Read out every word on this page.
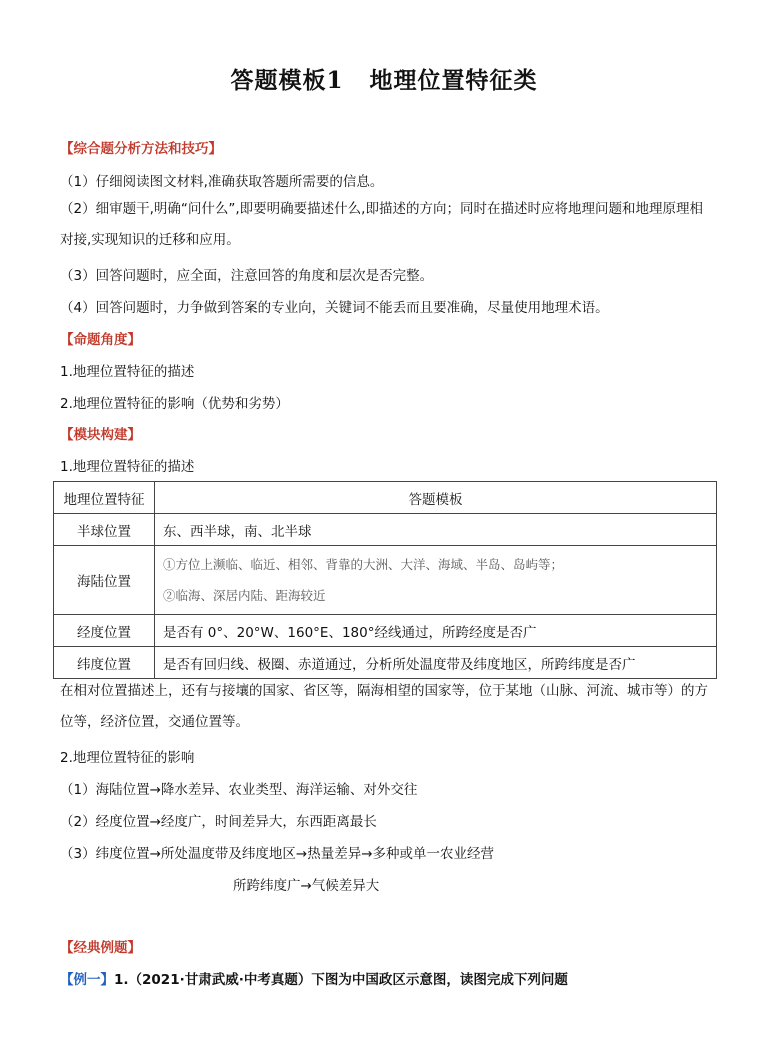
答题模板1 地理位置特征类
【综合题分析方法和技巧】
（1）仔细阅读图文材料,准确获取答题所需要的信息。
（2）细审题干,明确“问什么”,即要明确要描述什么,即描述的方向；同时在描述时应将地理问题和地理原理相对接,实现知识的迁移和应用。
（3）回答问题时，应全面，注意回答的角度和层次是否完整。
（4）回答问题时，力争做到答案的专业向，关键词不能丢而且要准确，尽量使用地理术语。
【命题角度】
1.地理位置特征的描述
2.地理位置特征的影响（优势和劣势）
【模块构建】
1.地理位置特征的描述
地理位置特征	答题模板
半球位置	东、西半球，南、北半球
海陆位置	①方位上濒临、临近、相邻、背靠的大洲、大洋、海域、半岛、岛屿等；
②临海、深居内陆、距海较近

经度位置	是否有 0°、20°W、160°E、180°经线通过，所跨经度是否广
纬度位置	是否有回归线、极圈、赤道通过，分析所处温度带及纬度地区，所跨纬度是否广
在相对位置描述上，还有与接壤的国家、省区等，隔海相望的国家等，位于某地（山脉、河流、城市等）的方位等，经济位置，交通位置等。
2.地理位置特征的影响
（1）海陆位置→降水差异、农业类型、海洋运输、对外交往
（2）经度位置→经度广，时间差异大，东西距离最长
（3）纬度位置→所处温度带及纬度地区→热量差异→多种或单一农业经营
所跨纬度广→气候差异大
【经典例题】
【例一】1.（2021·甘肃武威·中考真题）下图为中国政区示意图，读图完成下列问题
